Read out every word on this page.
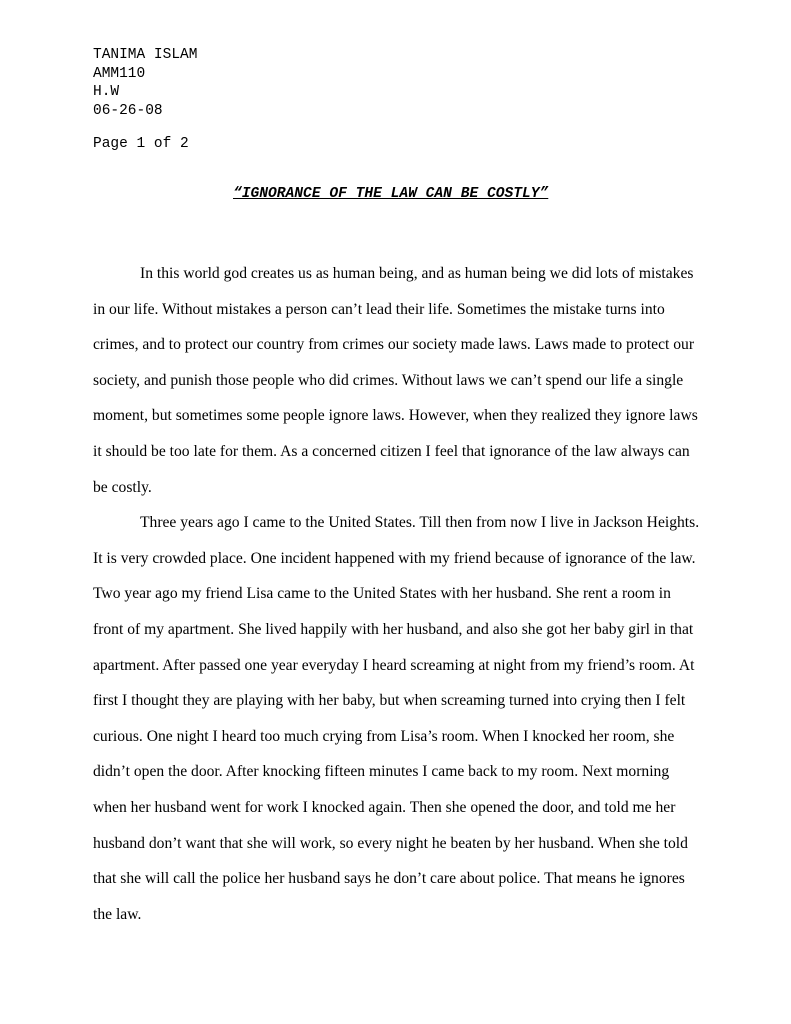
TANIMA ISLAM
AMM110
H.W
06-26-08
Page 1 of 2
“IGNORANCE OF THE LAW CAN BE COSTLY”
In this world god creates us as human being, and as human being we did lots of mistakes
in our life. Without mistakes a person can’t lead their life. Sometimes the mistake turns into
crimes, and to protect our country from crimes our society made laws. Laws made to protect our
society, and punish those people who did crimes. Without laws we can’t spend our life a single
moment, but sometimes some people ignore laws. However, when they realized they ignore laws
it should be too late for them. As a concerned citizen I feel that ignorance of the law always can
be costly.
Three years ago I came to the United States. Till then from now I live in Jackson Heights.
It is very crowded place. One incident happened with my friend because of ignorance of the law.
Two year ago my friend Lisa came to the United States with her husband. She rent a room in
front of my apartment. She lived happily with her husband, and also she got her baby girl in that
apartment. After passed one year everyday I heard screaming at night from my friend’s room. At
first I thought they are playing with her baby, but when screaming turned into crying then I felt
curious. One night I heard too much crying from Lisa’s room. When I knocked her room, she
didn’t open the door. After knocking fifteen minutes I came back to my room. Next morning
when her husband went for work I knocked again. Then she opened the door, and told me her
husband don’t want that she will work, so every night he beaten by her husband. When she told
that she will call the police her husband says he don’t care about police. That means he ignores
the law.
